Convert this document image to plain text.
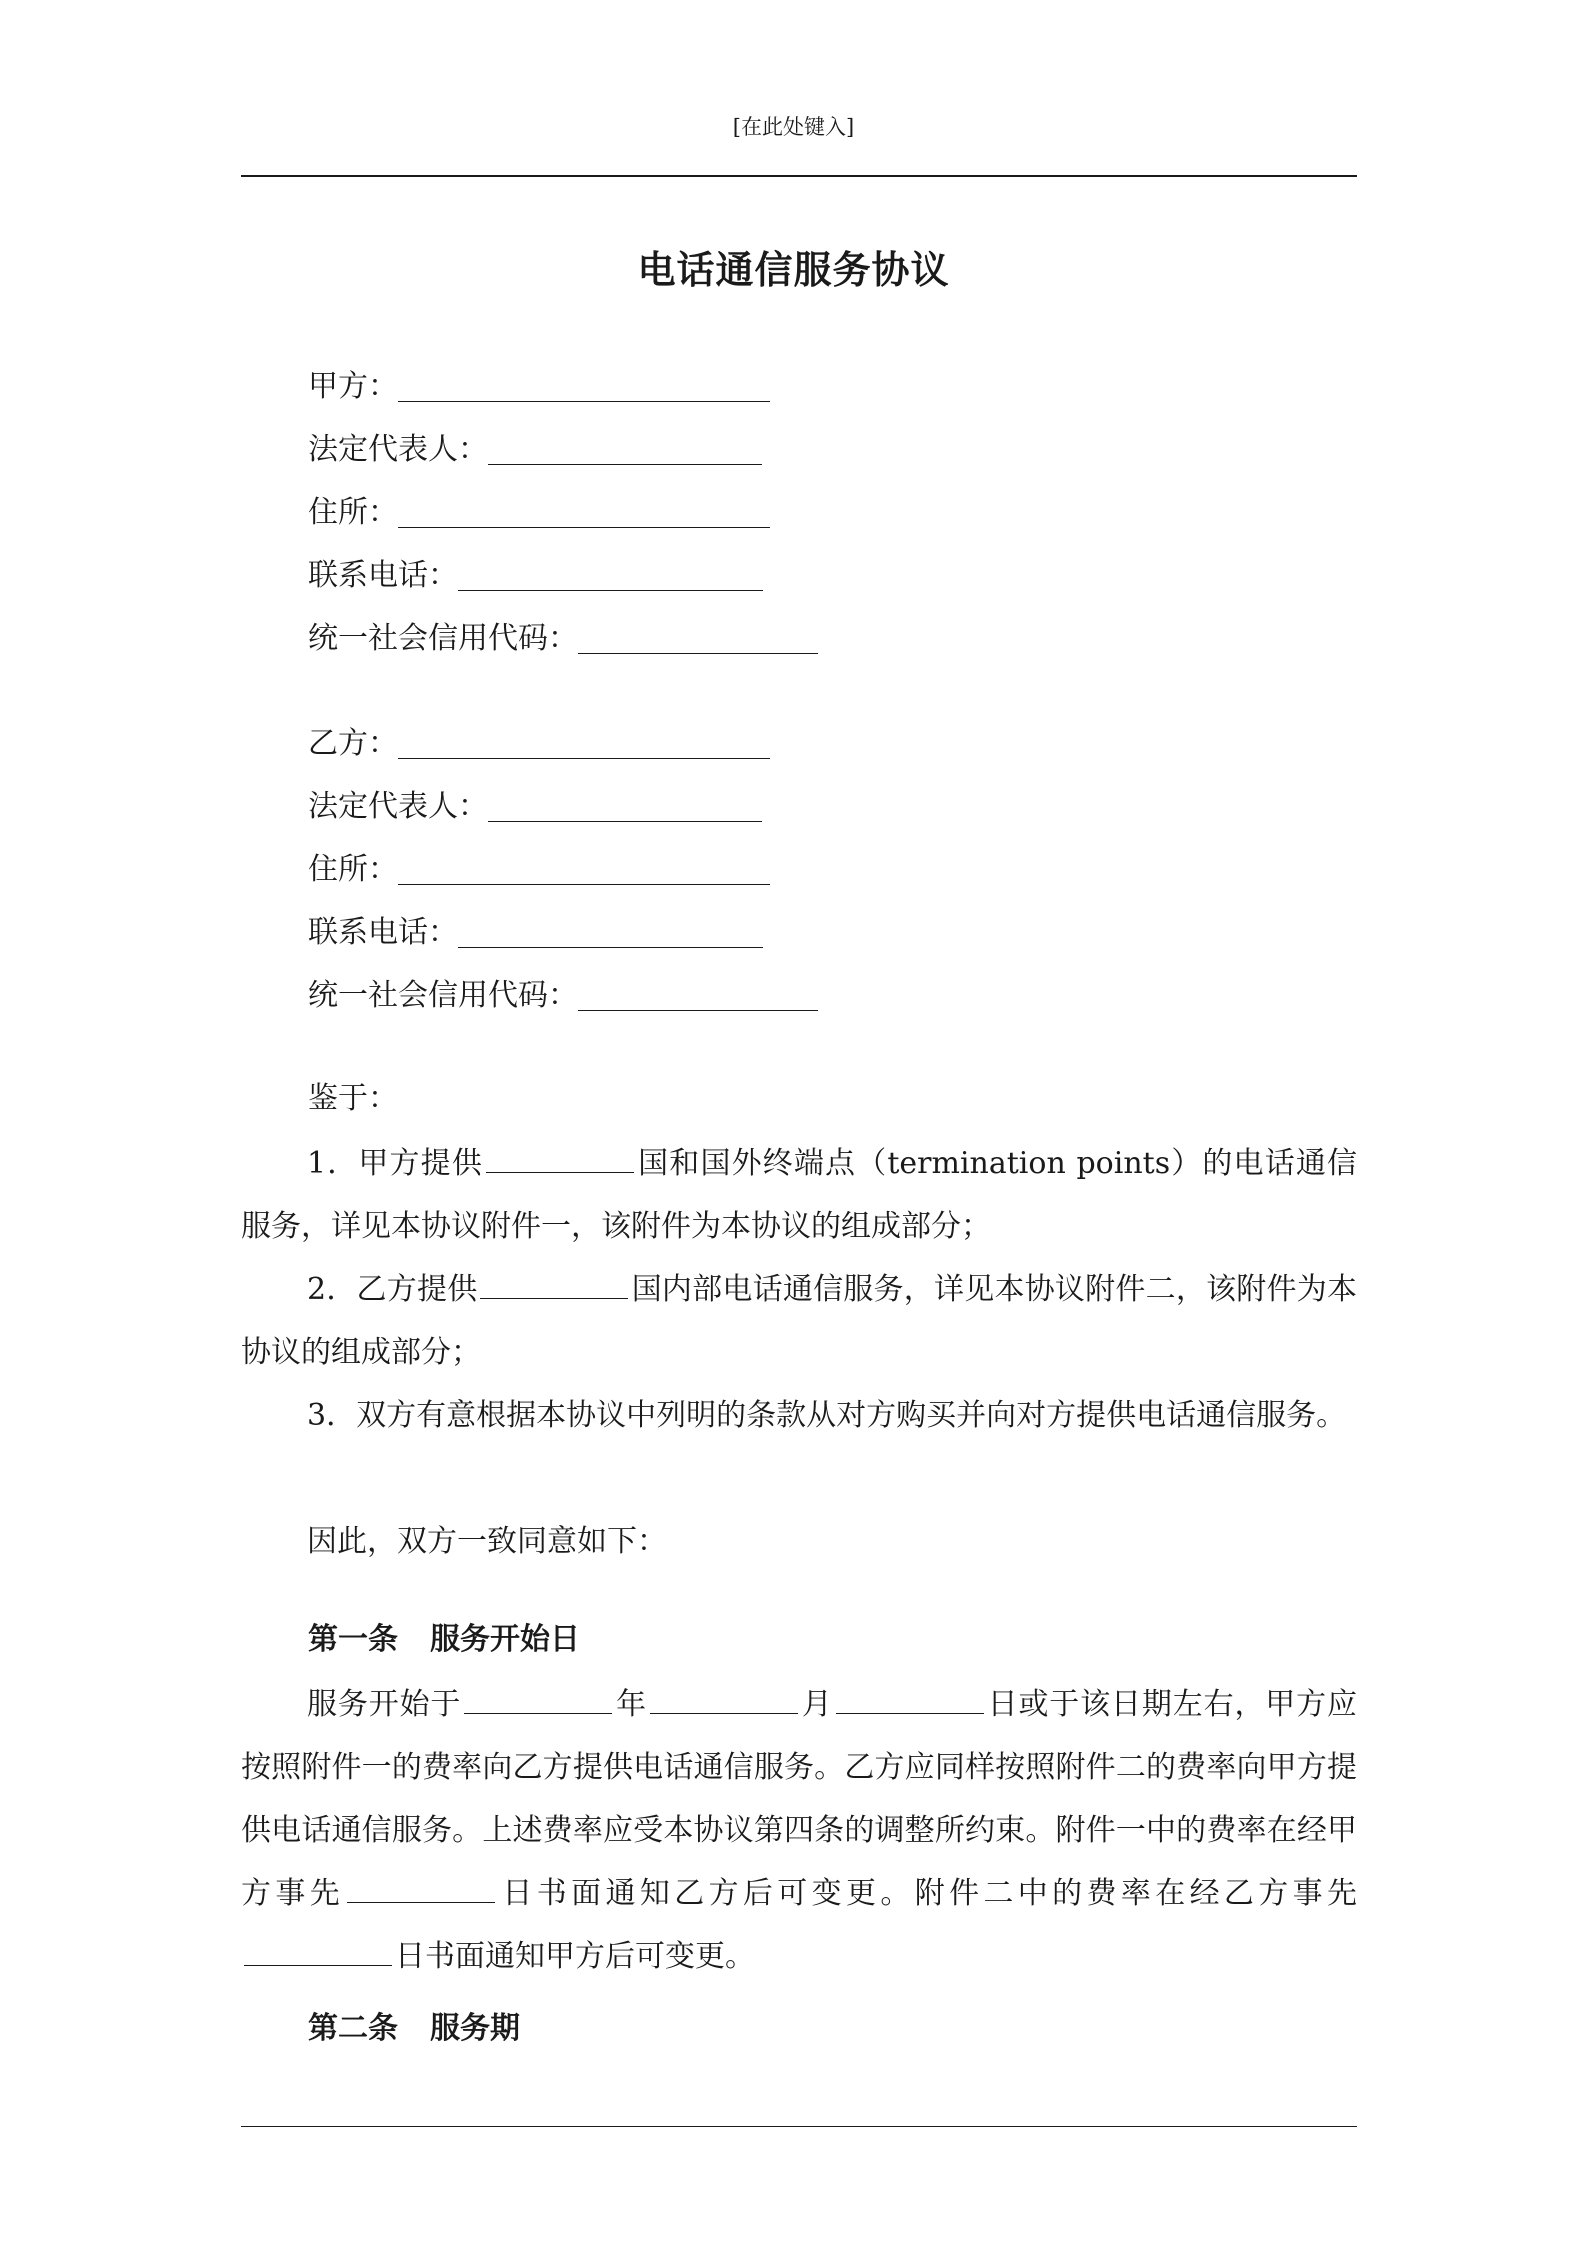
[在此处键入]
电话通信服务协议
甲方：
法定代表人：
住所：
联系电话：
统一社会信用代码：
乙方：
法定代表人：
住所：
联系电话：
统一社会信用代码：
鉴于：
1．甲方提供	国和国外终端点（termination points）的电话通信服务，详见本协议附件一，该附件为本协议的组成部分；
2．乙方提供	国内部电话通信服务，详见本协议附件二，该附件为本协议的组成部分；
3．双方有意根据本协议中列明的条款从对方购买并向对方提供电话通信服务。
因此，双方一致同意如下：
第一条 服务开始日
服务开始于	年	月	日或于该日期左右，甲方应按照附件一的费率向乙方提供电话通信服务。乙方应同样按照附件二的费率向甲方提供电话通信服务。上述费率应受本协议第四条的调整所约束。附件一中的费率在经甲方事先	日书面通知乙方后可变更。附件二中的费率在经乙方事先日书面通知甲方后可变更。
第二条 服务期
